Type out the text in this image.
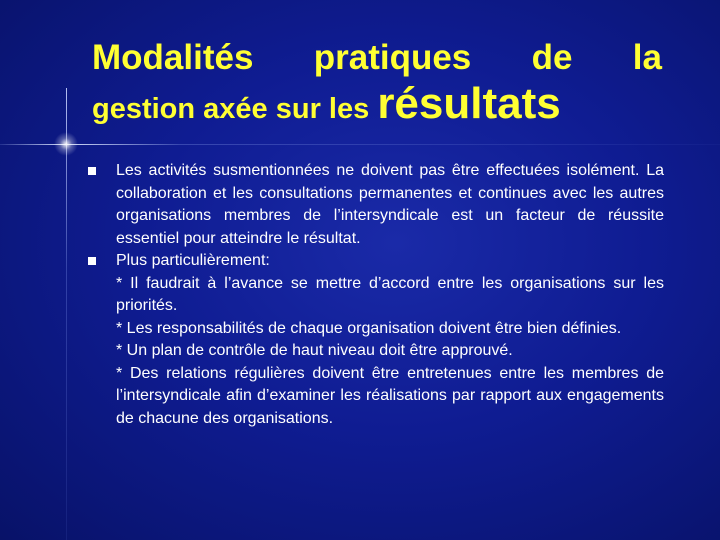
Modalités pratiques de la
gestion axée sur les résultats
Les activités susmentionnées ne doivent pas être effectuées isolément. La collaboration et les consultations permanentes et continues avec les autres organisations membres de l’intersyndicale est un facteur de réussite essentiel pour atteindre le résultat.
Plus particulièrement:
* Il faudrait à l’avance se mettre d’accord entre les organisations sur les priorités.
* Les responsabilités de chaque organisation doivent être bien définies.
* Un plan de contrôle de haut niveau doit être approuvé.
* Des relations régulières doivent être entretenues entre les membres de l’intersyndicale afin d’examiner les réalisations par rapport aux engagements de chacune des organisations.
